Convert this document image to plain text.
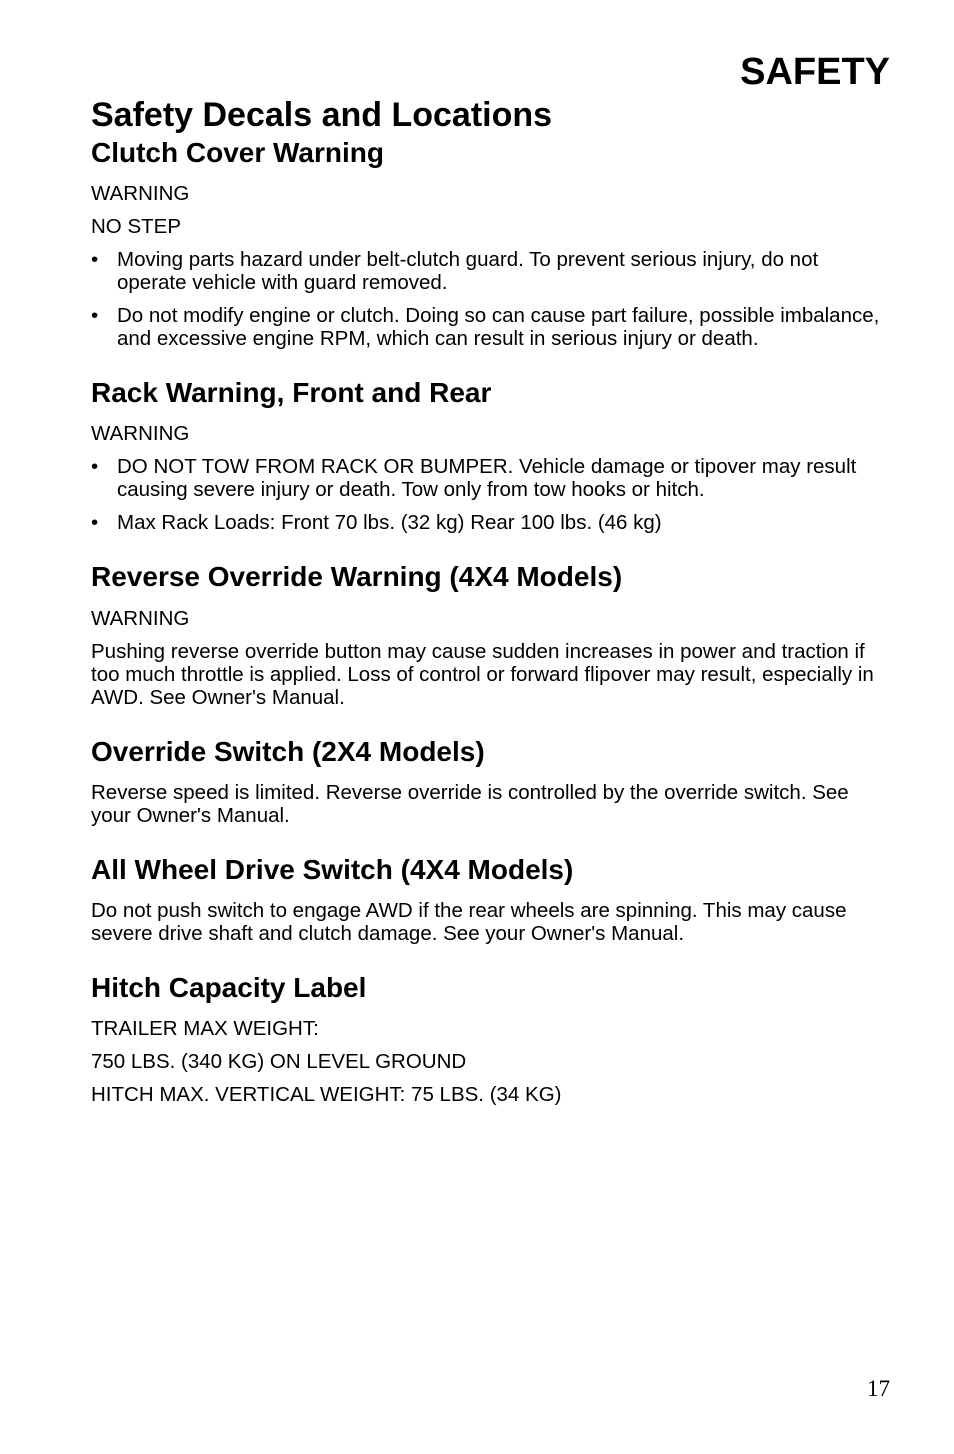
SAFETY
Safety Decals and Locations
Clutch Cover Warning

WARNING

NO STEP

• Moving parts hazard under belt-clutch guard. To prevent serious injury, do not operate vehicle with guard removed.
• Do not modify engine or clutch. Doing so can cause part failure, possible imbalance, and excessive engine RPM, which can result in serious injury or death.
Rack Warning, Front and Rear

WARNING

• DO NOT TOW FROM RACK OR BUMPER. Vehicle damage or tipover may result causing severe injury or death. Tow only from tow hooks or hitch.
• Max Rack Loads: Front 70 lbs. (32 kg) Rear 100 lbs. (46 kg)
Reverse Override Warning (4X4 Models)

WARNING

Pushing reverse override button may cause sudden increases in power and traction if too much throttle is applied. Loss of control or forward flipover may result, especially in AWD. See Owner's Manual.

Override Switch (2X4 Models)

Reverse speed is limited. Reverse override is controlled by the override switch. See your Owner's Manual.

All Wheel Drive Switch (4X4 Models)

Do not push switch to engage AWD if the rear wheels are spinning. This may cause severe drive shaft and clutch damage. See your Owner's Manual.

Hitch Capacity Label

TRAILER MAX WEIGHT:

750 LBS. (340 KG) ON LEVEL GROUND

HITCH MAX. VERTICAL WEIGHT: 75 LBS. (34 KG)

17
